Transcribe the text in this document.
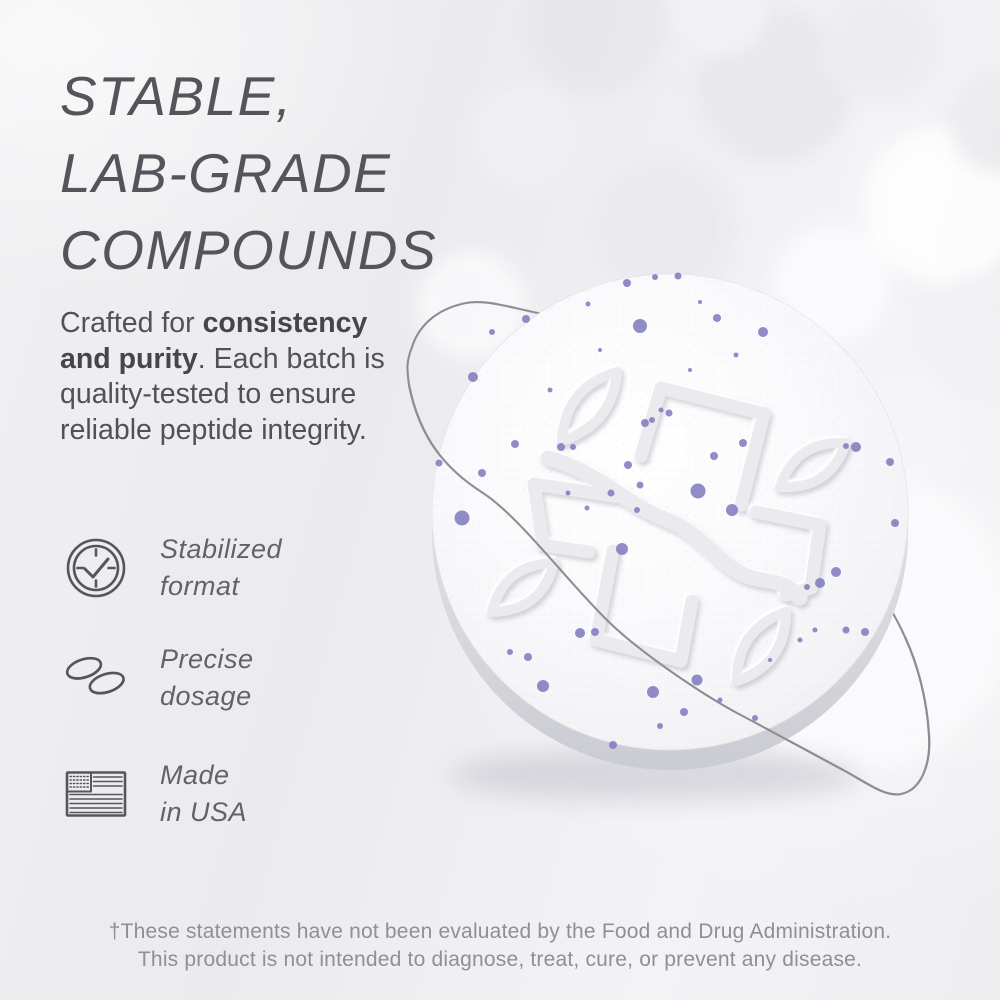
STABLE,
LAB-GRADE
COMPOUNDS
Crafted for consistency and purity. Each batch is quality-tested to ensure reliable peptide integrity.
Stabilized
format
Precise
dosage
Made
in USA
†These statements have not been evaluated by the Food and Drug Administration.
This product is not intended to diagnose, treat, cure, or prevent any disease.
